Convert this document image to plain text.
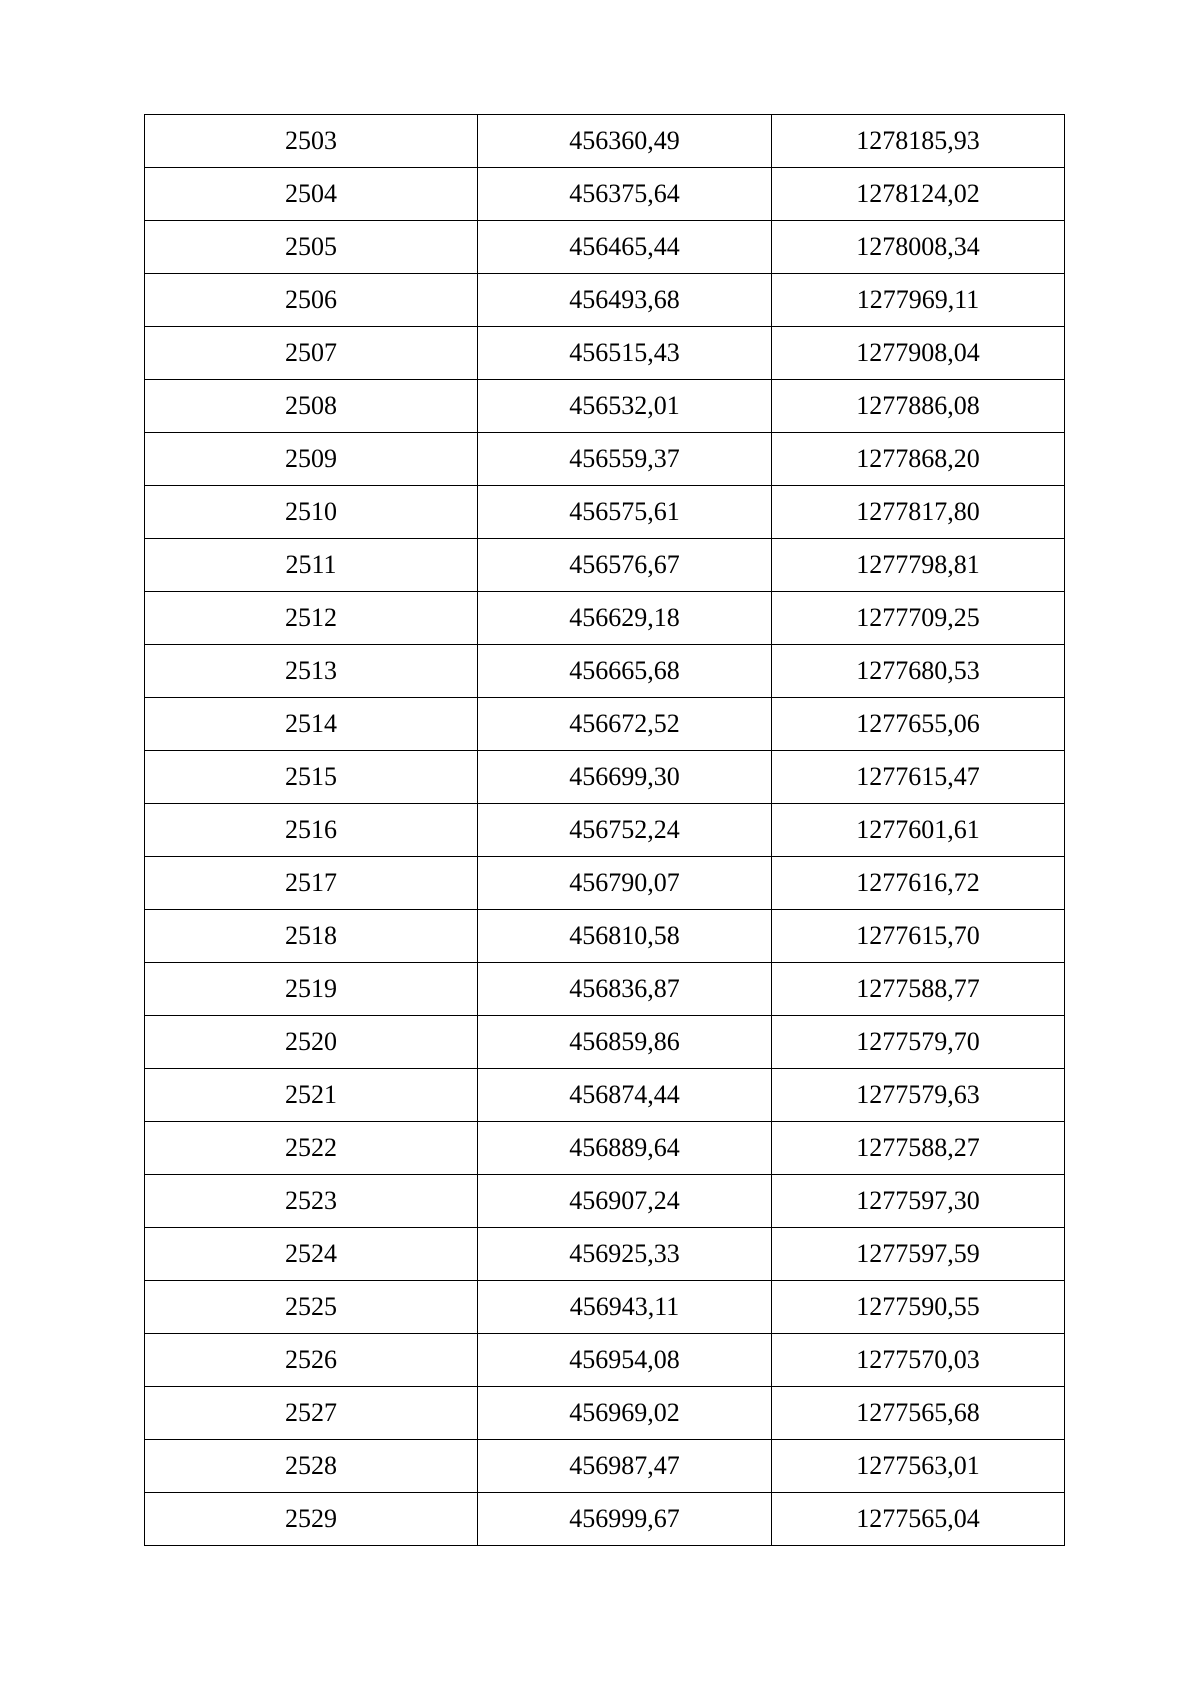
2503	456360,49	1278185,93
2504	456375,64	1278124,02
2505	456465,44	1278008,34
2506	456493,68	1277969,11
2507	456515,43	1277908,04
2508	456532,01	1277886,08
2509	456559,37	1277868,20
2510	456575,61	1277817,80
2511	456576,67	1277798,81
2512	456629,18	1277709,25
2513	456665,68	1277680,53
2514	456672,52	1277655,06
2515	456699,30	1277615,47
2516	456752,24	1277601,61
2517	456790,07	1277616,72
2518	456810,58	1277615,70
2519	456836,87	1277588,77
2520	456859,86	1277579,70
2521	456874,44	1277579,63
2522	456889,64	1277588,27
2523	456907,24	1277597,30
2524	456925,33	1277597,59
2525	456943,11	1277590,55
2526	456954,08	1277570,03
2527	456969,02	1277565,68
2528	456987,47	1277563,01
2529	456999,67	1277565,04
